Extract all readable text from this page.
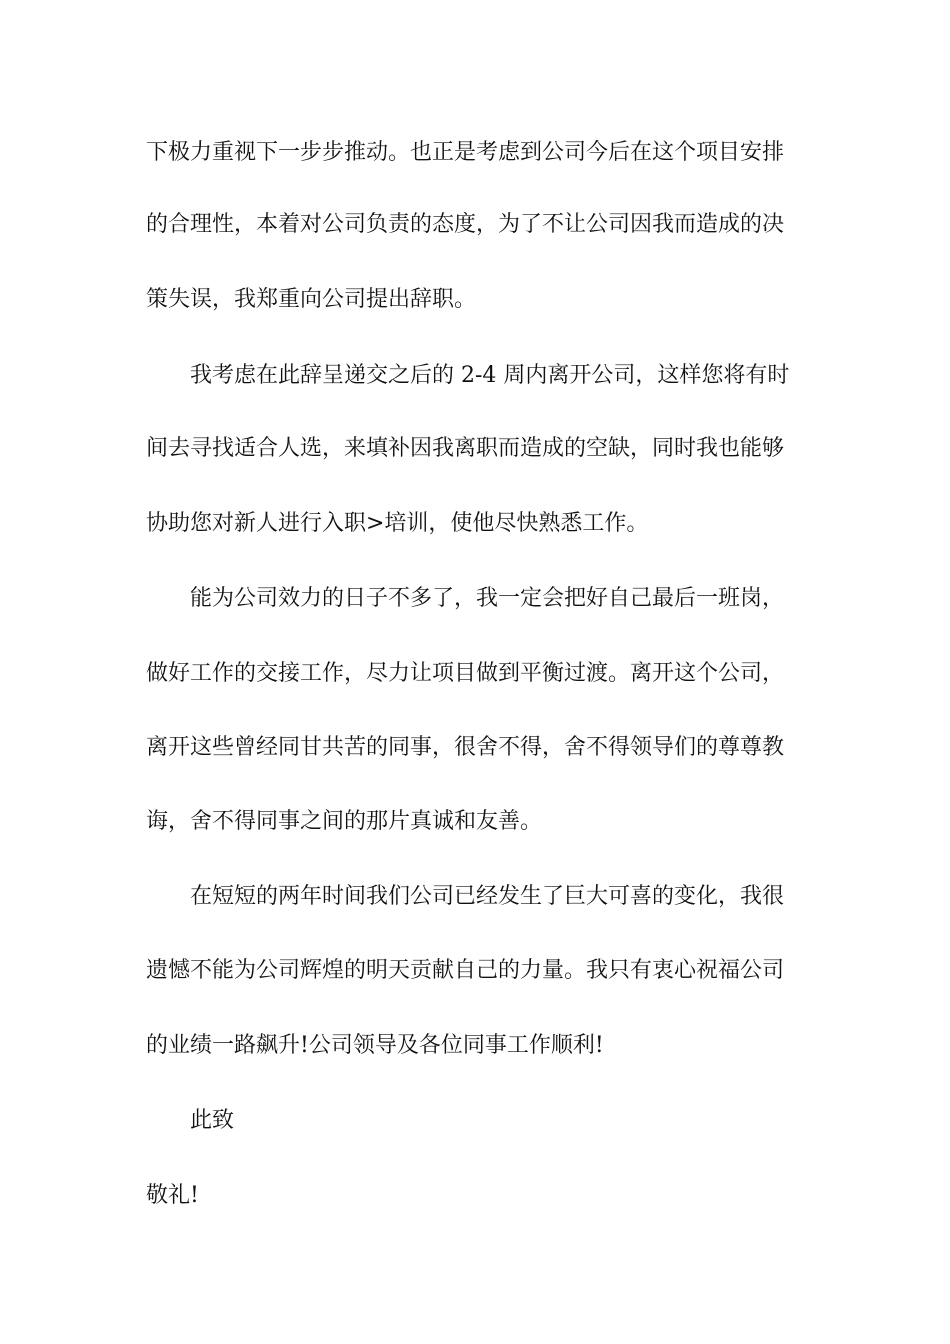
下极力重视下一步步推动。也正是考虑到公司今后在这个项目安排
的合理性，本着对公司负责的态度，为了不让公司因我而造成的决
策失误，我郑重向公司提出辞职。
我考虑在此辞呈递交之后的 2-4 周内离开公司，这样您将有时
间去寻找适合人选，来填补因我离职而造成的空缺，同时我也能够
协助您对新人进行入职>培训，使他尽快熟悉工作。
能为公司效力的日子不多了，我一定会把好自己最后一班岗，
做好工作的交接工作，尽力让项目做到平衡过渡。离开这个公司，
离开这些曾经同甘共苦的同事，很舍不得，舍不得领导们的尊尊教
诲，舍不得同事之间的那片真诚和友善。
在短短的两年时间我们公司已经发生了巨大可喜的变化，我很
遗憾不能为公司辉煌的明天贡献自己的力量。我只有衷心祝福公司
的业绩一路飙升!公司领导及各位同事工作顺利!
此致
敬礼!
